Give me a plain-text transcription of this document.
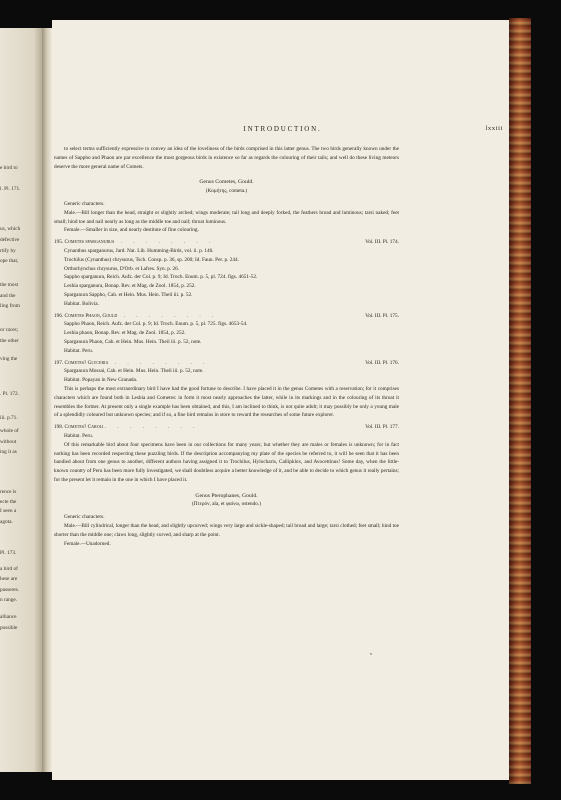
e bird to
l. Pl. 171.
us, which
defective
rtify by
ope that,
the most
and the
ling from
or races;
the other
ving the
. Pl. 172.
iii. p.71.
whole of
without
ing it as
rence is
ecte the
I seen a
agota.
Pl. 173.
a bird of
hese are
passeres.
n range.
alliance
possible
INTRODUCTION.	lxxiii

to select terms sufficiently expressive to convey an idea of the loveliness of the birds comprised in this latter genus. The two birds generally known under the names of Sappho and Phaon are par excellence the most gorgeous birds in existence so far as regards the colouring of their tails; and well do these living meteors deserve the more general name of Comets.

Genus Cometes, Gould.
(Κομήτης, cometa.)

Generic characters.

Male.—Bill longer than the head, straight or slightly arched; wings moderate; tail long and deeply forked, the feathers broad and luminous; tarsi naked; feet small; hind toe and nail nearly as long as the middle toe and nail; throat luminous.

Female.—Smaller in size, and nearly destitute of fine colouring.

195. Cometes sparganurus . . . . . . . .	Vol. III. Pl. 174.
Cynanthus sparganurus, Jard. Nat. Lib. Humming-Birds, vol. ii. p. 146.
Trochilus (Cynanthus) chrysurus, Tsch. Consp. p. 36, sp. 200; Id. Faun. Per. p. 244.
Orthorhynchus chrysurus, D'Orb. et Lafres. Syn. p. 26.
Sappho sparganura, Reich. Aufz. der Col. p. 9; Id. Troch. Enum. p. 5, pl. 724. figs. 4651-52.
Lesbia sparganura, Bonap. Rev. et Mag. de Zool. 1854, p. 252.
Sparganura Sappho, Cab. et Hein. Mus. Hein. Theil iii. p. 52.
Habitat. Bolivia.
196. Cometes Phaon, Gould . . . . . . . .	Vol. III. Pl. 175.
Sappho Phaon, Reich. Aufz. der Col. p. 9; Id. Troch. Enum. p. 5, pl. 725. figs. 4653-54.
Lesbia phaon, Bonap. Rev. et Mag. de Zool. 1854, p. 252.
Sparganura Phaon, Cab. et Hein. Mus. Hein. Theil iii. p. 52, note.
Habitat. Peru.
197. Cometes? Glyceria . . . . . . . .	Vol. III. Pl. 176.
Sparganura Mossai, Cab. et Hein. Mus. Hein. Theil iii. p. 52, note.
Habitat. Popayan in New Granada.

This is perhaps the most extraordinary bird I have had the good fortune to describe. I have placed it in the genus Cometes with a reservation; for it comprises characters which are found both in Lesbia and Cometes: in form it most nearly approaches the latter, while in its markings and in the colouring of its throat it resembles the former. At present only a single example has been obtained, and this, I am inclined to think, is not quite adult; it may possibly be only a young male of a splendidly coloured but unknown species; and if so, a fine bird remains in store to reward the researches of some future explorer.

198. Cometes? Caroli . . . . . . . .	Vol. III. Pl. 177.
Habitat. Peru.

Of this remarkable bird about four specimens have been in our collections for many years; but whether they are males or females is unknown; for in fact nothing has been recorded respecting these puzzling birds. If the description accompanying my plate of the species be referred to, it will be seen that it has been bandied about from one genus to another, different authors having assigned it to Trochilus, Hylocharis, Callipklox, and Avocettinus! Some day, when the little-known country of Peru has been more fully investigated, we shall doubtless acquire a better knowledge of it, and be able to decide to which genus it really pertains; for the present let it remain in the one in which I have placed it.

Genus Pterophanes, Gould.
(Πτερόν, ala, et φαίνω, ostendo.)

Generic characters.

Male.—Bill cylindrical, longer than the head, and slightly upcurved; wings very large and sickle-shaped; tail broad and large; tarsi clothed; feet small; hind toe shorter than the middle one; claws long, slightly curved, and sharp at the point.

Female.—Unadorned.

v
